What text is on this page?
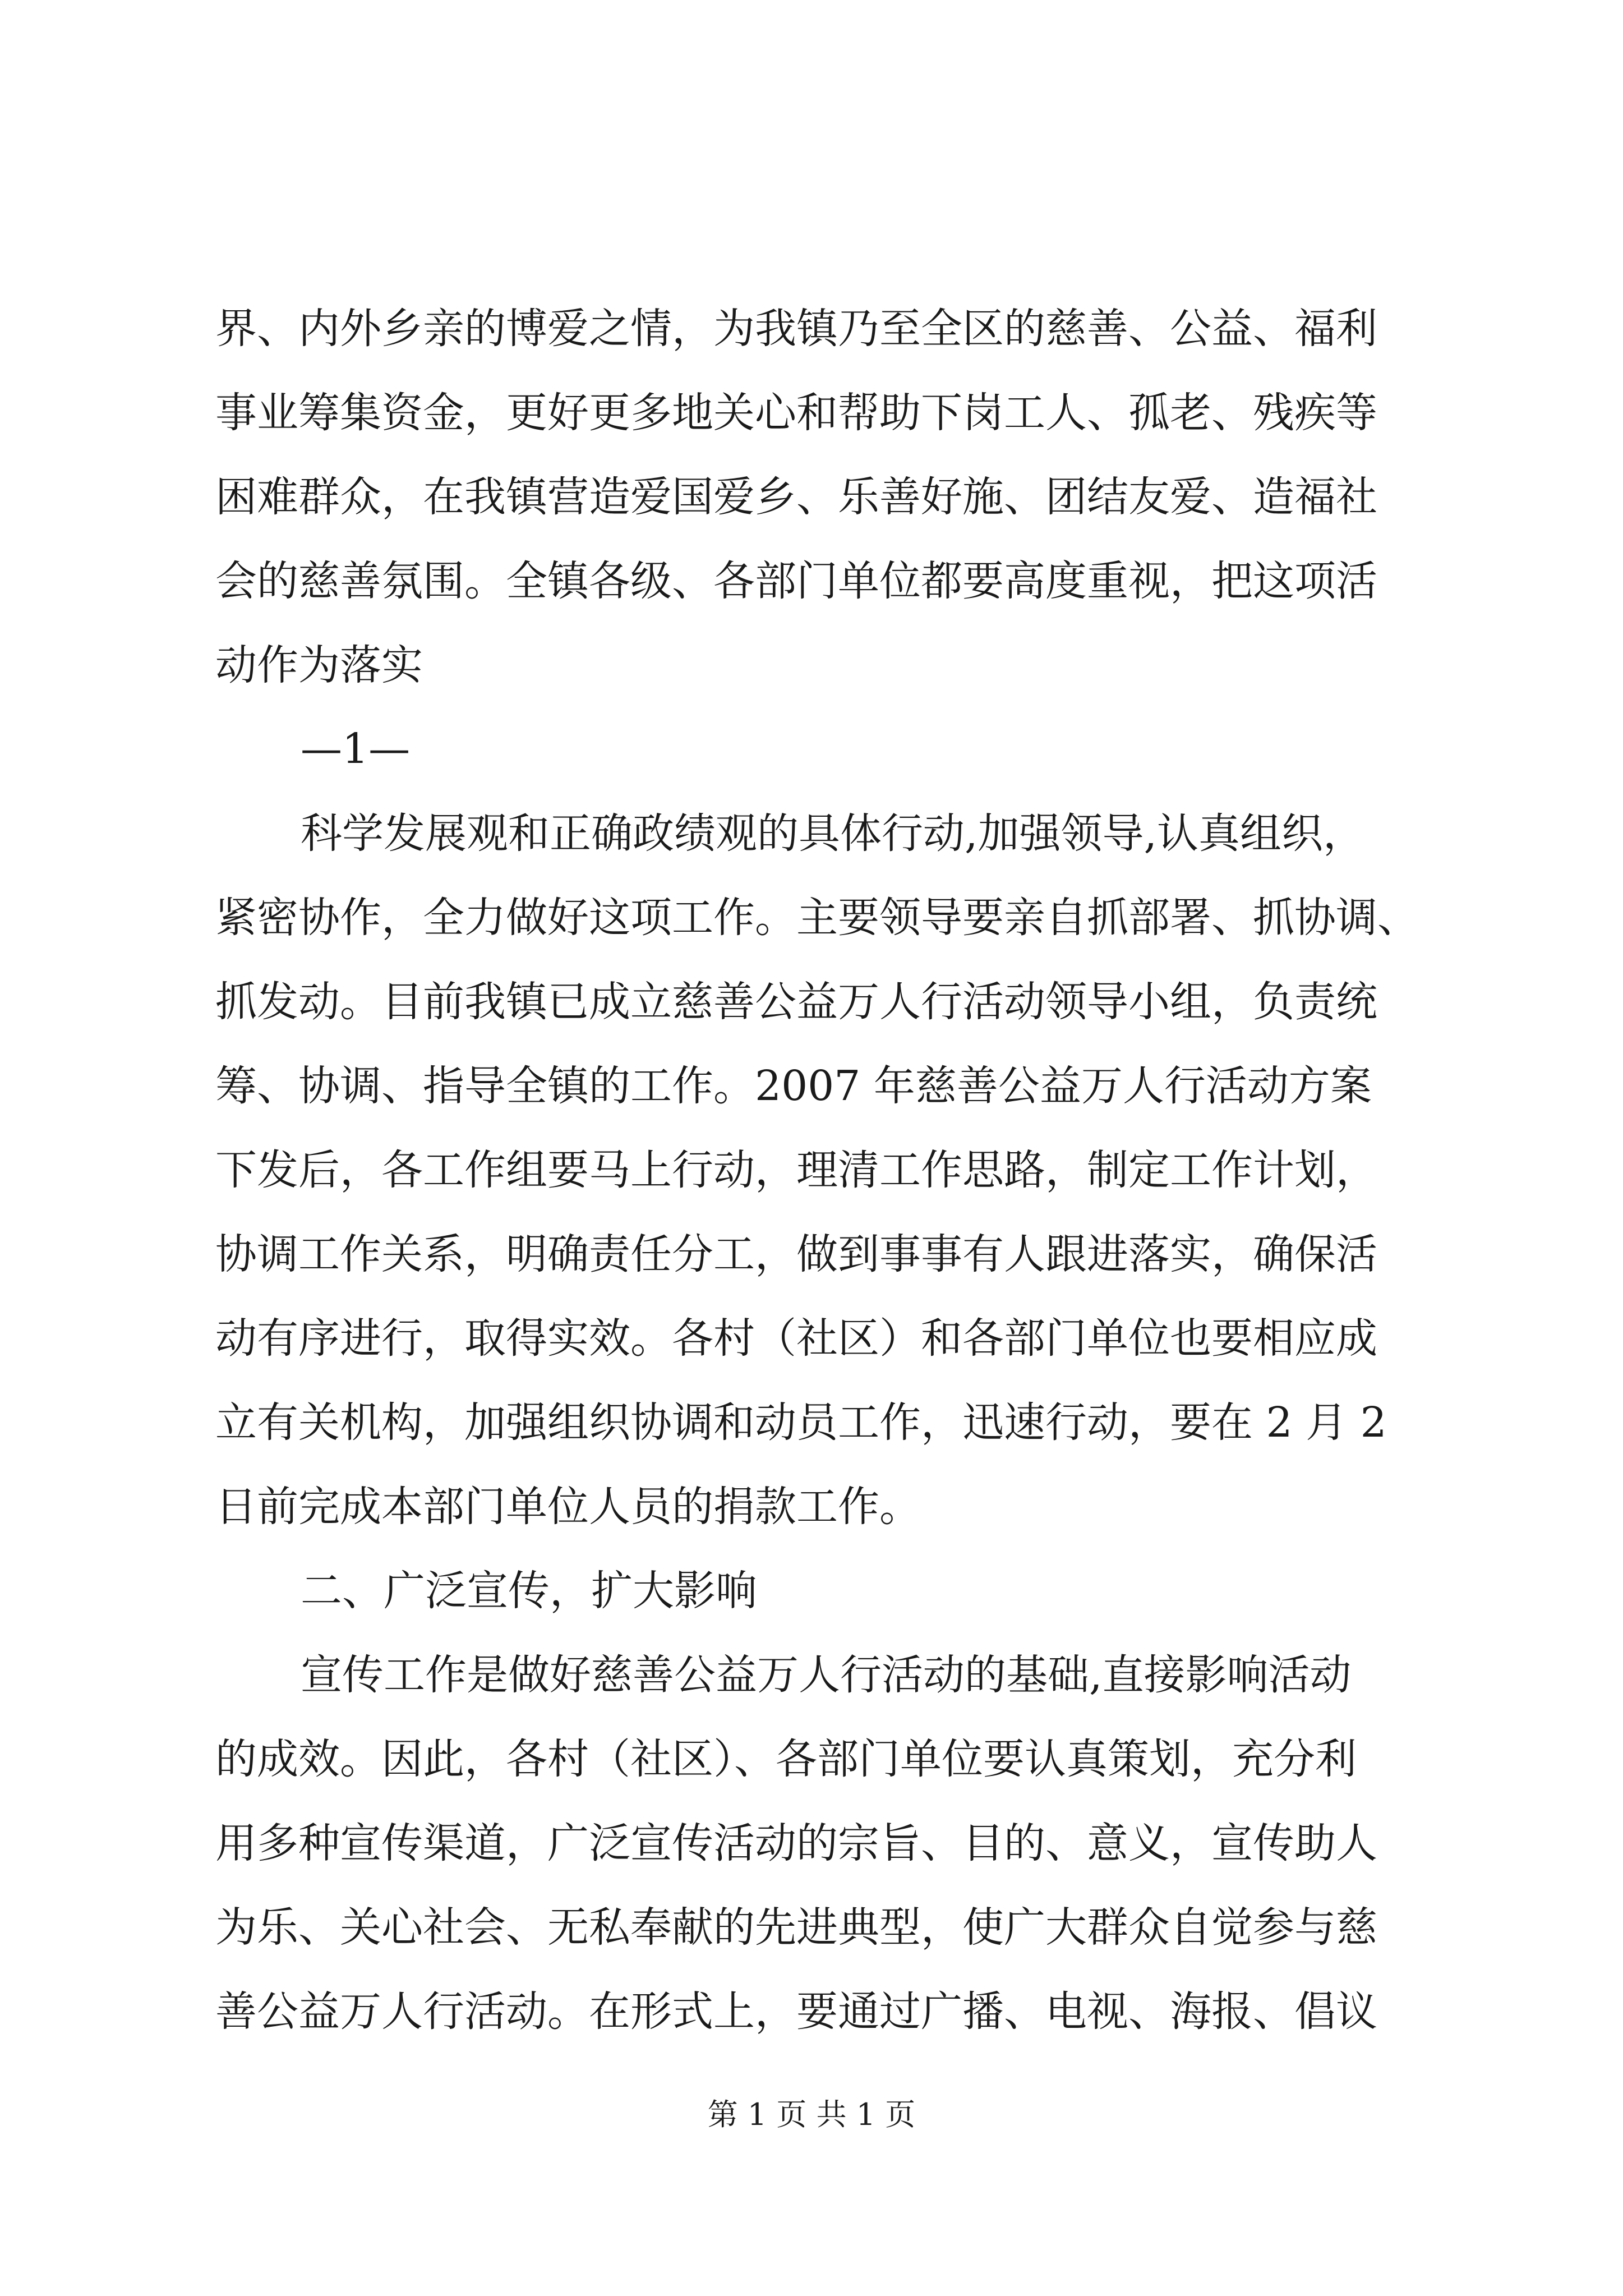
界、内外乡亲的博爱之情，为我镇乃至全区的慈善、公益、福利
事业筹集资金，更好更多地关心和帮助下岗工人、孤老、残疾等
困难群众，在我镇营造爱国爱乡、乐善好施、团结友爱、造福社
会的慈善氛围。全镇各级、各部门单位都要高度重视，把这项活
动作为落实
—1—
科学发展观和正确政绩观的具体行动,加强领导,认真组织，
紧密协作，全力做好这项工作。主要领导要亲自抓部署、抓协调、
抓发动。目前我镇已成立慈善公益万人行活动领导小组，负责统
筹、协调、指导全镇的工作。2007 年慈善公益万人行活动方案
下发后，各工作组要马上行动，理清工作思路，制定工作计划，
协调工作关系，明确责任分工，做到事事有人跟进落实，确保活
动有序进行，取得实效。各村（社区）和各部门单位也要相应成
立有关机构，加强组织协调和动员工作，迅速行动，要在 2 月 2
日前完成本部门单位人员的捐款工作。
二、广泛宣传，扩大影响
宣传工作是做好慈善公益万人行活动的基础,直接影响活动
的成效。因此，各村（社区）、各部门单位要认真策划，充分利
用多种宣传渠道，广泛宣传活动的宗旨、目的、意义，宣传助人
为乐、关心社会、无私奉献的先进典型，使广大群众自觉参与慈
善公益万人行活动。在形式上，要通过广播、电视、海报、倡议
第 1 页 共 1 页
